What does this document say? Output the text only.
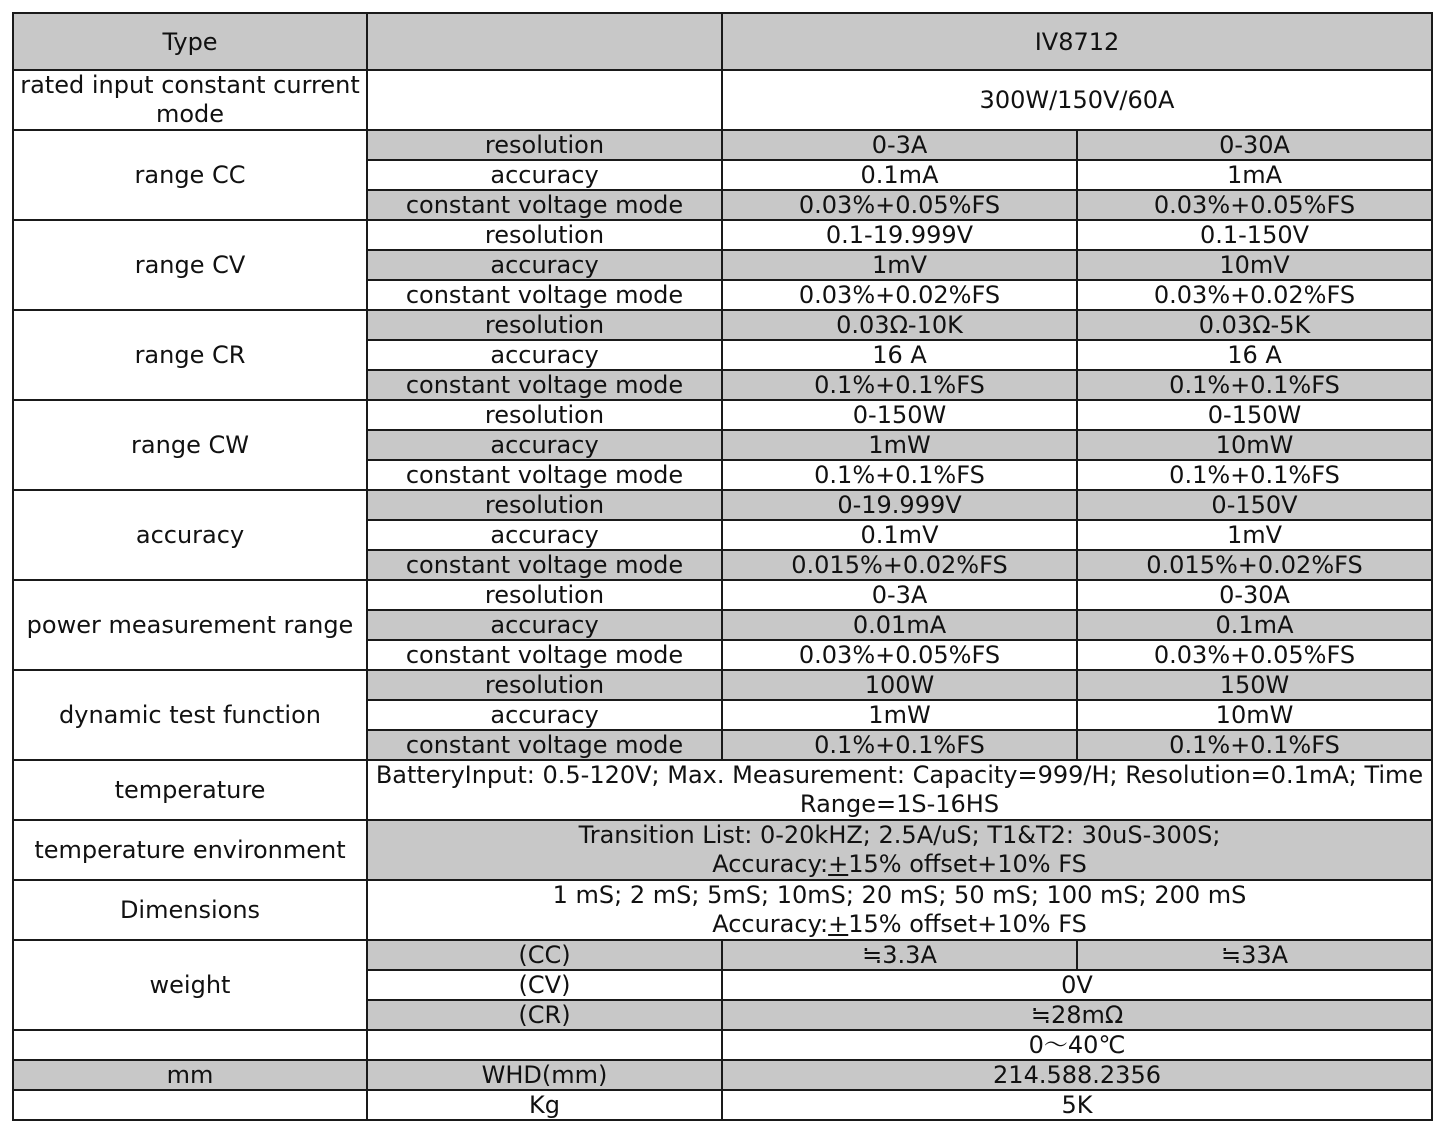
Type		IV8712	
rated input constant current mode		300W/150V/60A	
range CC	resolution	0-3A	0-30A
	accuracy	0.1mA	1mA
	constant voltage mode	0.03%+0.05%FS	0.03%+0.05%FS
range CV	resolution	0.1-19.999V	0.1-150V
	accuracy	1mV	10mV
	constant voltage mode	0.03%+0.02%FS	0.03%+0.02%FS
range CR	resolution	0.03Ω-10K	0.03Ω-5K
	accuracy	16 A	16 A
	constant voltage mode	0.1%+0.1%FS	0.1%+0.1%FS
range CW	resolution	0-150W	0-150W
	accuracy	1mW	10mW
	constant voltage mode	0.1%+0.1%FS	0.1%+0.1%FS
accuracy	resolution	0-19.999V	0-150V
	accuracy	0.1mV	1mV
	constant voltage mode	0.015%+0.02%FS	0.015%+0.02%FS
power measurement range	resolution	0-3A	0-30A
	accuracy	0.01mA	0.1mA
	constant voltage mode	0.03%+0.05%FS	0.03%+0.05%FS
dynamic test function	resolution	100W	150W
	accuracy	1mW	10mW
	constant voltage mode	0.1%+0.1%FS	0.1%+0.1%FS
temperature	BatteryInput: 0.5-120V; Max. Measurement: Capacity=999/H; Resolution=0.1mA; Time Range=1S-16HS		
temperature environment	Transition List: 0-20kHZ; 2.5A/uS; T1&T2: 30uS-300S;
Accuracy:+15% offset+10% FS		

Dimensions	1 mS; 2 mS; 5mS; 10mS; 20 mS; 50 mS; 100 mS; 200 mS
Accuracy:+15% offset+10% FS		

weight	(CC)	≒3.3A	≒33A
	(CV)	0V	
	(CR)	≒28mΩ	
		0～40℃	
mm	WHD(mm)	214.588.2356	
	Kg	5K	
